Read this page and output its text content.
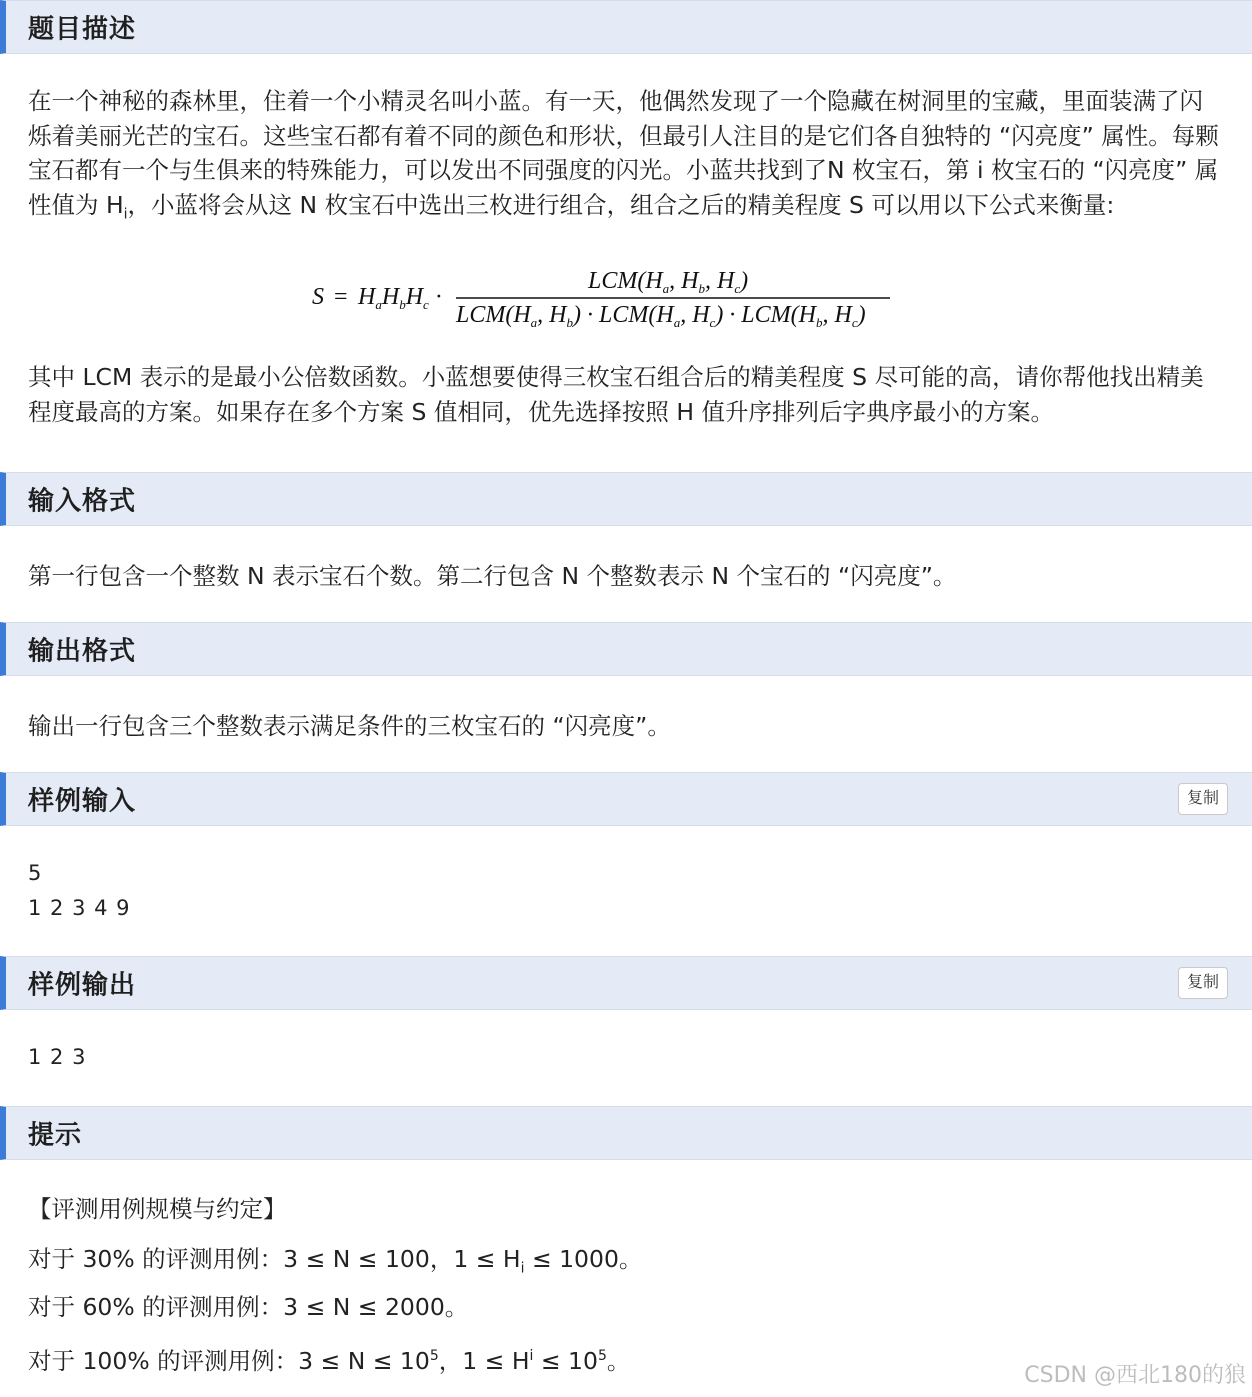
题目描述
在一个神秘的森林里，住着一个小精灵名叫小蓝。有一天，他偶然发现了一个隐藏在树洞里的宝藏，里面装满了闪烁着美丽光芒的宝石。这些宝石都有着不同的颜色和形状，但最引人注目的是它们各自独特的 “闪亮度” 属性。每颗宝石都有一个与生俱来的特殊能力，可以发出不同强度的闪光。小蓝共找到了N 枚宝石，第 i 枚宝石的 “闪亮度” 属性值为 $H_i$，小蓝将会从这 N 枚宝石中选出三枚进行组合，组合之后的精美程度 S 可以用以下公式来衡量:
$S = H_aH_bH_c$ ·
$LCM(H_a$, $H_b$, $H_c$)
$LCM(H_a$, $H_b) \cdot LCM(H_a$, $H_c) \cdot LCM(H_b$, $H_c$)
其中 LCM 表示的是最小公倍数函数。小蓝想要使得三枚宝石组合后的精美程度 S 尽可能的高，请你帮他找出精美程度最高的方案。如果存在多个方案 S 值相同，优先选择按照 H 值升序排列后字典序最小的方案。
输入格式
第一行包含一个整数 N 表示宝石个数。第二行包含 N 个整数表示 N 个宝石的 “闪亮度”。
输出格式
输出一行包含三个整数表示满足条件的三枚宝石的 “闪亮度”。
样例输入	复制
5
1 2 3 4 9
样例输出	复制
1 2 3
提示
【评测用例规模与约定】
对于 30% 的评测用例：3 ≤ N ≤ 100，$1 \le H_i \le 1000$。
对于 60% 的评测用例：3 ≤ N ≤ 2000。
对于 100% 的评测用例：$3 \le N \le 10^5$，$1 \le H^i \le 10^5$。
CSDN @西北180的狼
